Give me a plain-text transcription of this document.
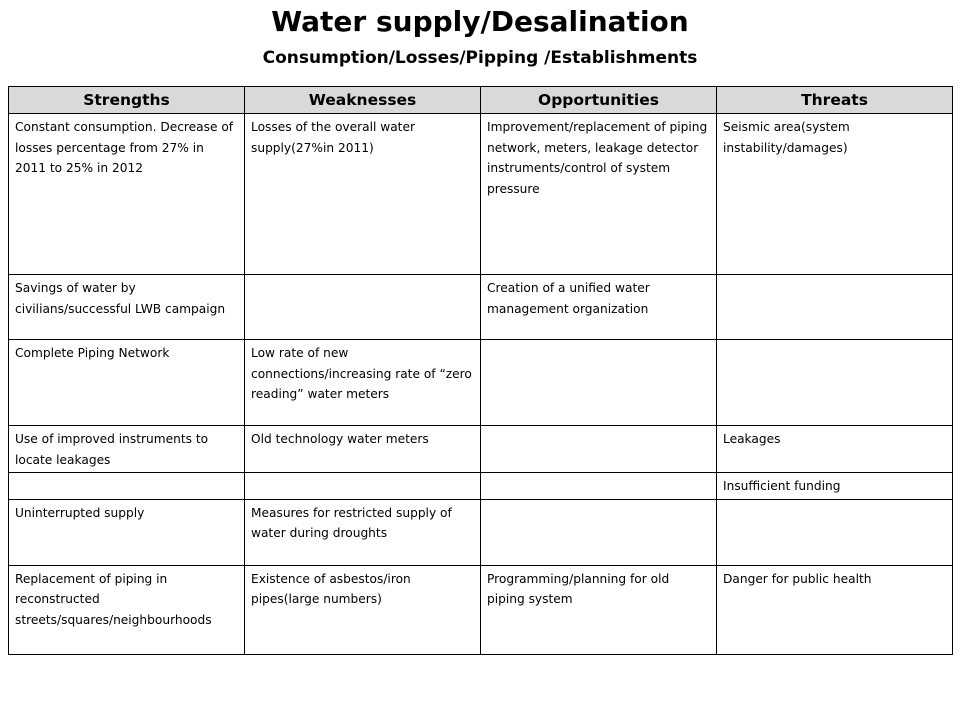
Water supply/Desalination
Consumption/Losses/Pipping /Establishments
Strengths	Weaknesses	Opportunities	Threats
Constant consumption. Decrease of losses percentage from 27% in 2011 to 25% in 2012	Losses of the overall water supply(27%in 2011)	Improvement/replacement of piping network, meters, leakage detector instruments/control of system pressure	Seismic area(system instability/damages)
Savings of water by civilians/successful LWB campaign		Creation of a unified water management organization	
Complete Piping Network	Low rate of new connections/increasing rate of “zero reading” water meters		
Use of improved instruments to locate leakages	Old technology water meters		Leakages
			Insufficient funding
Uninterrupted supply	Measures for restricted supply of water during droughts		
Replacement of piping in reconstructed streets/squares/neighbourhoods	Existence of asbestos/iron pipes(large numbers)	Programming/planning for old piping system	Danger for public health
